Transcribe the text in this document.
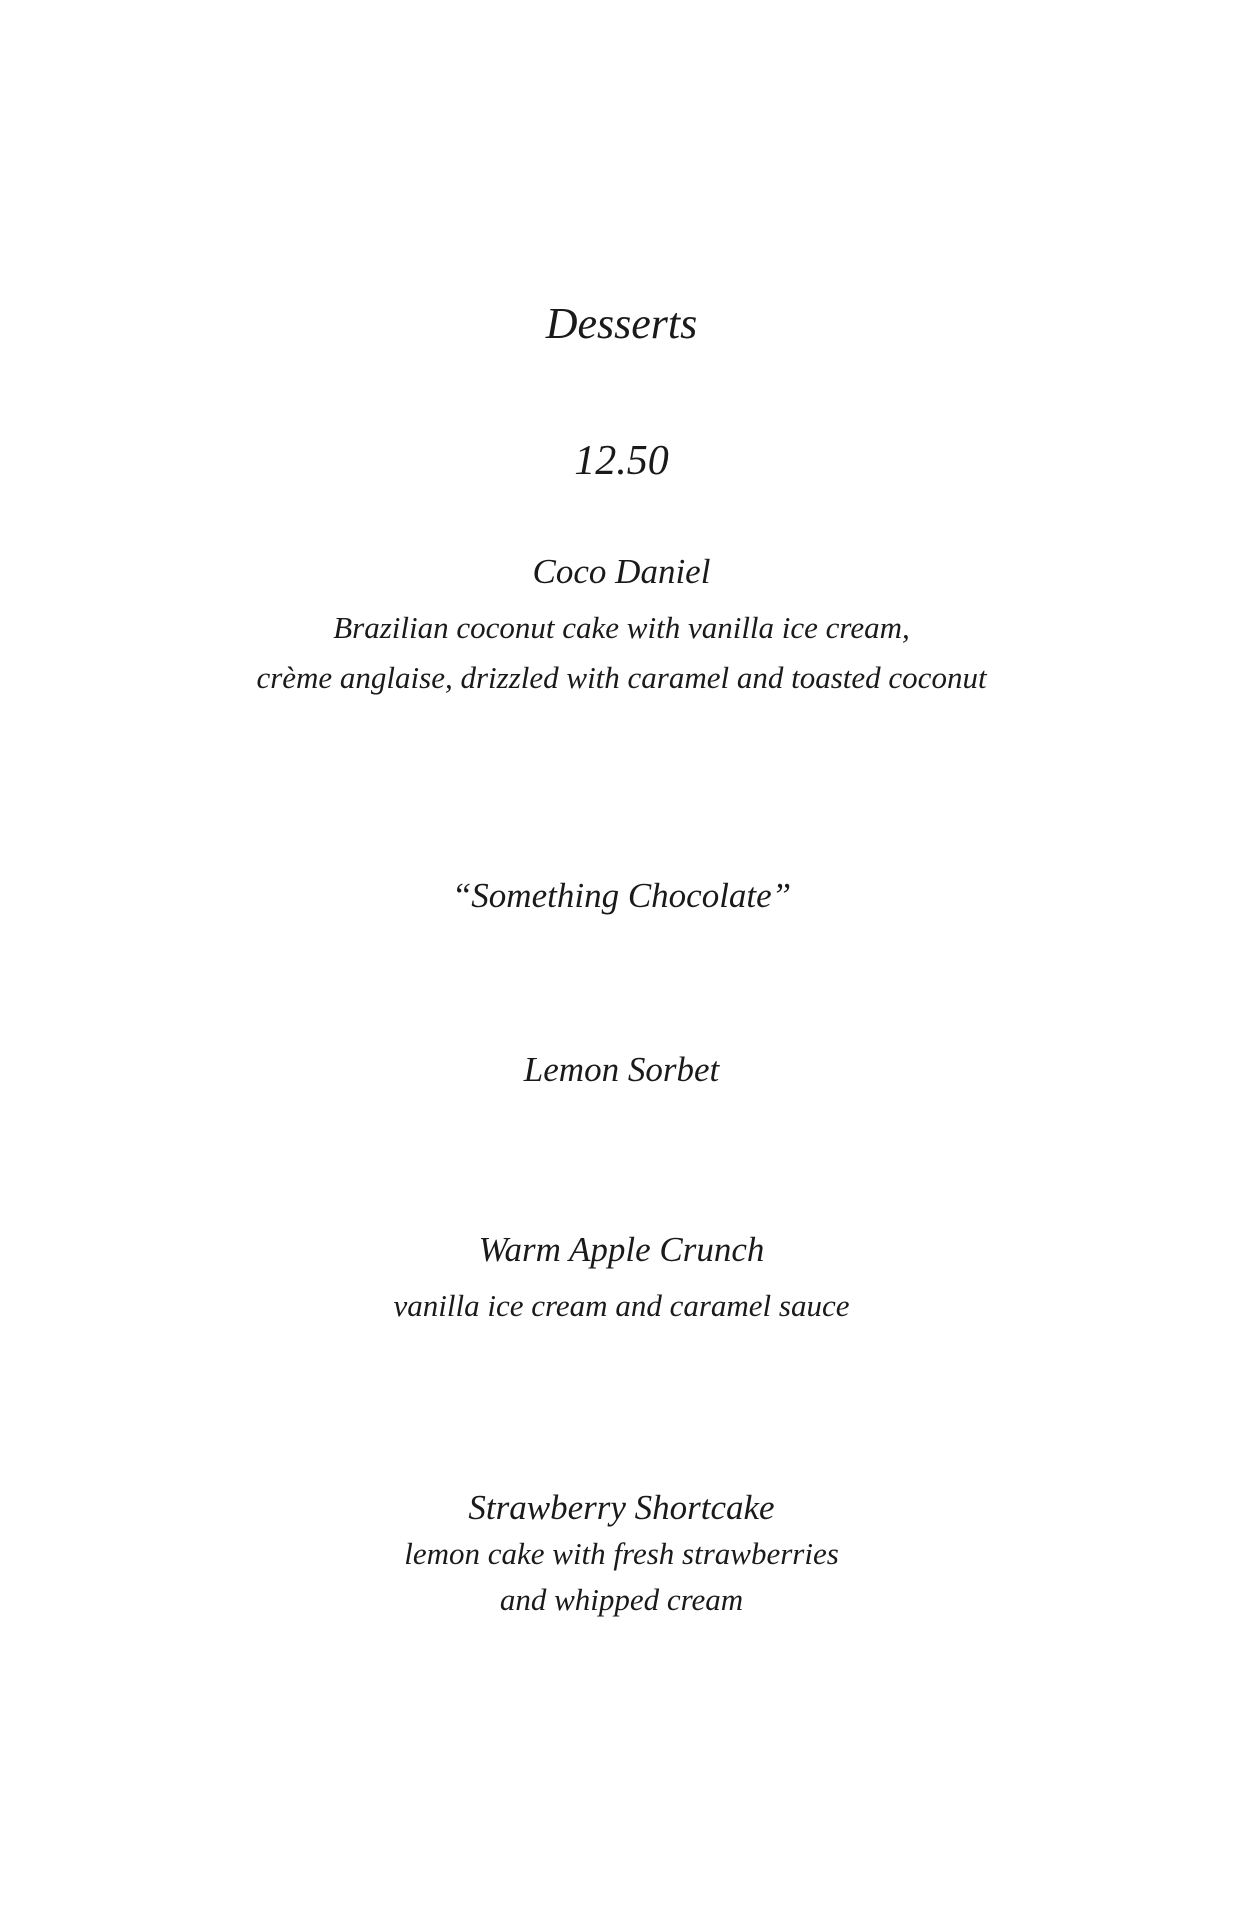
Desserts
12.50
Coco Daniel
Brazilian coconut cake with vanilla ice cream,
crème anglaise, drizzled with caramel and toasted coconut
“Something Chocolate”
Lemon Sorbet
Warm Apple Crunch
vanilla ice cream and caramel sauce
Strawberry Shortcake
lemon cake with fresh strawberries
and whipped cream
